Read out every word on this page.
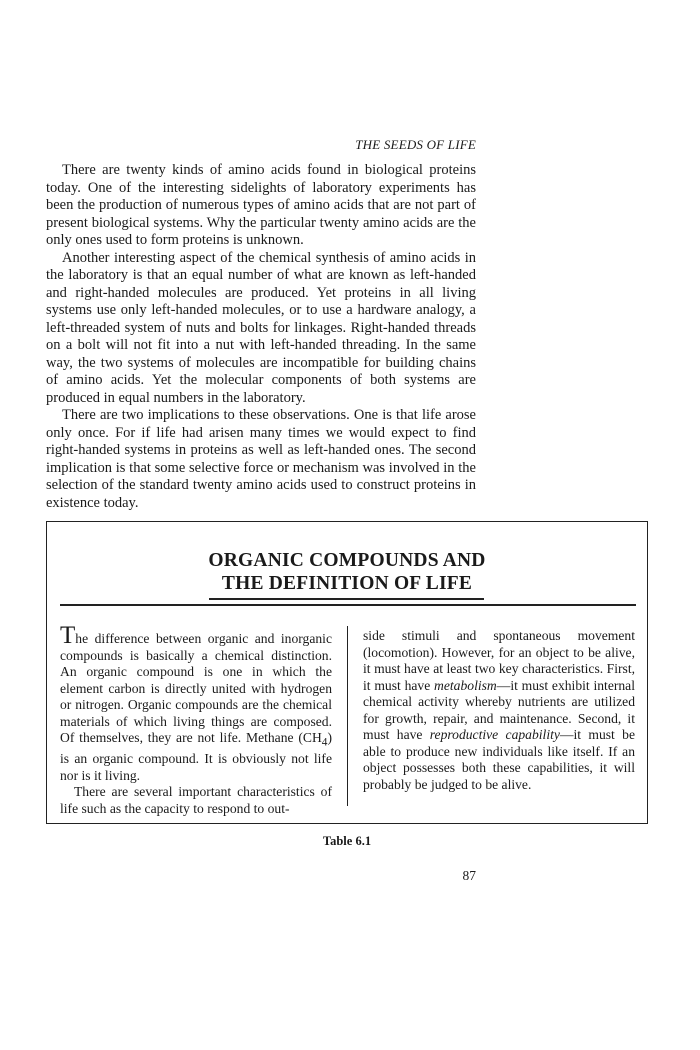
THE SEEDS OF LIFE

There are twenty kinds of amino acids found in biological proteins today. One of the interesting sidelights of laboratory experiments has been the production of numerous types of amino acids that are not part of present biological systems. Why the particular twenty amino acids are the only ones used to form proteins is unknown.

Another interesting aspect of the chemical synthesis of amino acids in the laboratory is that an equal number of what are known as left-handed and right-handed molecules are produced. Yet proteins in all living systems use only left-handed molecules, or to use a hardware analogy, a left-threaded system of nuts and bolts for linkages. Right-handed threads on a bolt will not fit into a nut with left-handed threading. In the same way, the two systems of molecules are incompatible for building chains of amino acids. Yet the molecular components of both systems are produced in equal numbers in the laboratory.

There are two implications to these observations. One is that life arose only once. For if life had arisen many times we would expect to find right-handed systems in proteins as well as left-handed ones. The second implication is that some selective force or mechanism was involved in the selection of the standard twenty amino acids used to construct proteins in existence today.

ORGANIC COMPOUNDS AND
THE DEFINITION OF LIFE

The difference between organic and inorganic compounds is basically a chemical distinction. An organic compound is one in which the element carbon is directly united with hydrogen or nitrogen. Organic compounds are the chemical materials of which living things are composed. Of themselves, they are not life. Methane $(CH_4)$ is an organic compound. It is obviously not life nor is it living.

There are several important characteristics of life such as the capacity to respond to out-

side stimuli and spontaneous movement (locomotion). However, for an object to be alive, it must have at least two key characteristics. First, it must have metabolism—it must exhibit internal chemical activity whereby nutrients are utilized for growth, repair, and maintenance. Second, it must have reproductive capability—it must be able to produce new individuals like itself. If an object possesses both these capabilities, it will probably be judged to be alive.

Table 6.1
87
